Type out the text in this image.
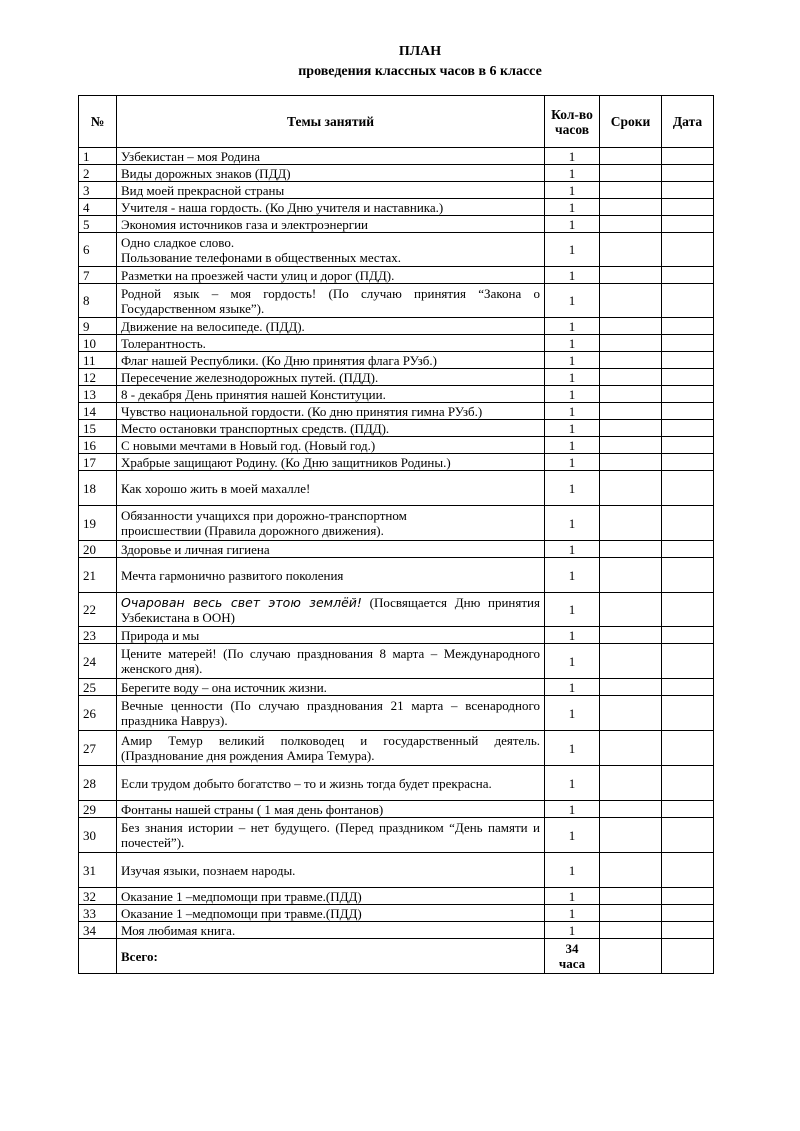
ПЛАН
проведения классных часов в 6 классе
№	Темы занятий	Кол-во часов	Сроки	Дата
1	Узбекистан – моя Родина	1		
2	Виды дорожных знаков (ПДД)	1		
3	Вид моей прекрасной страны	1		
4	Учителя - наша гордость. (Ко Дню учителя и наставника.)	1		
5	Экономия источников газа и электроэнергии	1		
6	Одно сладкое слово.
Пользование телефонами в общественных местах.	1		
7	Разметки на проезжей части улиц и дорог (ПДД).	1		
8	Родной язык – моя гордость! (По случаю принятия “Закона о Государственном языке”).	1		
9	Движение на велосипеде. (ПДД).	1		
10	Толерантность.	1		
11	Флаг нашей Республики. (Ко Дню принятия флага РУзб.)	1		
12	Пересечение железнодорожных путей. (ПДД).	1		
13	8 - декабря День принятия нашей Конституции.	1		
14	Чувство национальной гордости. (Ко дню принятия гимна РУзб.)	1		
15	Место остановки транспортных средств. (ПДД).	1		
16	С новыми мечтами в Новый год. (Новый год.)	1		
17	Храбрые защищают Родину. (Ко Дню защитников Родины.)	1		
18	Как хорошо жить в моей махалле!	1		
19	Обязанности учащихся при дорожно-транспортном
происшествии (Правила дорожного движения).	1		
20	Здоровье и личная гигиена	1		
21	Мечта гармонично развитого поколения	1		
22	Очарован весь свет этою землёй! (Посвящается Дню принятия Узбекистана в ООН)	1		
23	Природа и мы	1		
24	Цените матерей! (По случаю празднования 8 марта – Международного женского дня).	1		
25	Берегите воду – она источник жизни.	1		
26	Вечные ценности (По случаю празднования 21 марта – всенародного праздника Навруз).	1		
27	Амир Темур великий полководец и государственный деятель. (Празднование дня рождения Амира Темура).	1		
28	Если трудом добыто богатство – то и жизнь тогда будет прекрасна.	1		
29	Фонтаны нашей страны ( 1 мая день фонтанов)	1		
30	Без знания истории – нет будущего. (Перед праздником “День памяти и почестей”).	1		
31	Изучая языки, познаем народы.	1		
32	Оказание 1 –медпомощи при травме.(ПДД)	1		
33	Оказание 1 –медпомощи при травме.(ПДД)	1		
34	Моя любимая книга.	1		
	Всего:	34
часа		
